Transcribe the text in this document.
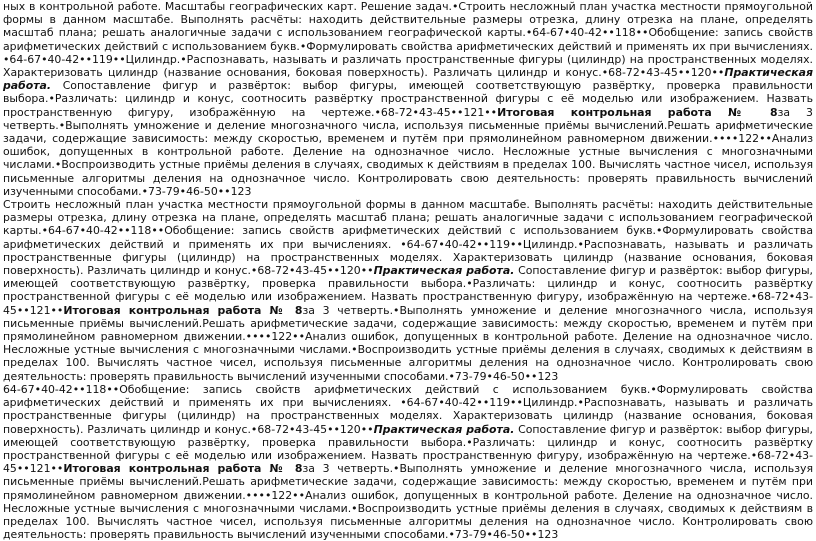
ных в контрольной работе. Масштабы географических карт. Решение задач.•Строить несложный план участка местности прямоугольной формы в данном масштабе. Выполнять расчёты: находить действительные размеры отрезка, длину отрезка на плане, определять масштаб плана; решать аналогичные задачи с использованием географической карты.•64-67•40-42••118••Обобщение: запись свойств арифметических действий с использованием букв.•Формулировать свойства арифметических действий и применять их при вычислениях. •64-67•40-42••119••Цилиндр.•Распознавать, называть и различать пространственные фигуры (цилиндр) на пространственных моделях. Характеризовать цилиндр (название основания, боковая поверхность). Различать цилиндр и конус.•68-72•43-45••120••Практическая работа. Сопоставление фигур и развёрток: выбор фигуры, имеющей соответствующую развёртку, проверка правильности выбора.•Различать: цилиндр и конус, соотносить развёртку пространственной фигуры с её моделью или изображением. Назвать пространственную фигуру, изображённую на чертеже.•68-72•43-45••121••Итоговая контрольная работа № 8за 3 четверть.•Выполнять умножение и деление многозначного числа, используя письменные приёмы вычислений.Решать арифметические задачи, содержащие зависимость: между скоростью, временем и путём при прямолинейном равномерном движении.••••122••Анализ ошибок, допущенных в контрольной работе. Деление на однозначное число. Несложные устные вычисления с многозначными числами.•Воспроизводить устные приёмы деления в случаях, сводимых к действиям в пределах 100. Вычислять частное чисел, используя письменные алгоритмы деления на однозначное число. Контролировать свою деятельность: проверять правильность вычислений изученными способами.•73-79•46-50••123

Строить несложный план участка местности прямоугольной формы в данном масштабе. Выполнять расчёты: находить действительные размеры отрезка, длину отрезка на плане, определять масштаб плана; решать аналогичные задачи с использованием географической карты.•64-67•40-42••118••Обобщение: запись свойств арифметических действий с использованием букв.•Формулировать свойства арифметических действий и применять их при вычислениях. •64-67•40-42••119••Цилиндр.•Распознавать, называть и различать пространственные фигуры (цилиндр) на пространственных моделях. Характеризовать цилиндр (название основания, боковая поверхность). Различать цилиндр и конус.•68-72•43-45••120••Практическая работа. Сопоставление фигур и развёрток: выбор фигуры, имеющей соответствующую развёртку, проверка правильности выбора.•Различать: цилиндр и конус, соотносить развёртку пространственной фигуры с её моделью или изображением. Назвать пространственную фигуру, изображённую на чертеже.•68-72•43-45••121••Итоговая контрольная работа № 8за 3 четверть.•Выполнять умножение и деление многозначного числа, используя письменные приёмы вычислений.Решать арифметические задачи, содержащие зависимость: между скоростью, временем и путём при прямолинейном равномерном движении.••••122••Анализ ошибок, допущенных в контрольной работе. Деление на однозначное число. Несложные устные вычисления с многозначными числами.•Воспроизводить устные приёмы деления в случаях, сводимых к действиям в пределах 100. Вычислять частное чисел, используя письменные алгоритмы деления на однозначное число. Контролировать свою деятельность: проверять правильность вычислений изученными способами.•73-79•46-50••123

64-67•40-42••118••Обобщение: запись свойств арифметических действий с использованием букв.•Формулировать свойства арифметических действий и применять их при вычислениях. •64-67•40-42••119••Цилиндр.•Распознавать, называть и различать пространственные фигуры (цилиндр) на пространственных моделях. Характеризовать цилиндр (название основания, боковая поверхность). Различать цилиндр и конус.•68-72•43-45••120••Практическая работа. Сопоставление фигур и развёрток: выбор фигуры, имеющей соответствующую развёртку, проверка правильности выбора.•Различать: цилиндр и конус, соотносить развёртку пространственной фигуры с её моделью или изображением. Назвать пространственную фигуру, изображённую на чертеже.•68-72•43-45••121••Итоговая контрольная работа № 8за 3 четверть.•Выполнять умножение и деление многозначного числа, используя письменные приёмы вычислений.Решать арифметические задачи, содержащие зависимость: между скоростью, временем и путём при прямолинейном равномерном движении.••••122••Анализ ошибок, допущенных в контрольной работе. Деление на однозначное число. Несложные устные вычисления с многозначными числами.•Воспроизводить устные приёмы деления в случаях, сводимых к действиям в пределах 100. Вычислять частное чисел, используя письменные алгоритмы деления на однозначное число. Контролировать свою деятельность: проверять правильность вычислений изученными способами.•73-79•46-50••123
